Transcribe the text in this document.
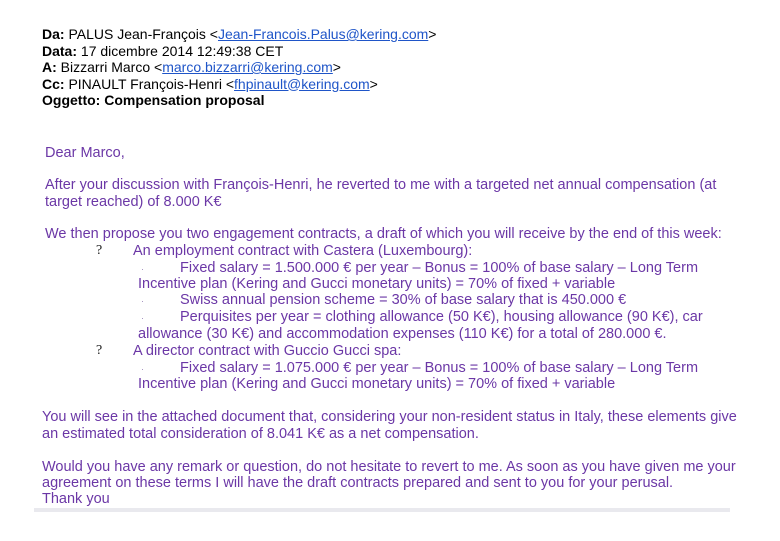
Da: PALUS Jean-François <Jean-Francois.Palus@kering.com>
Data: 17 dicembre 2014 12:49:38 CET
A: Bizzarri Marco <marco.bizzarri@kering.com>
Cc: PINAULT François-Henri <fhpinault@kering.com>
Oggetto: Compensation proposal
Dear Marco,
After your discussion with François-Henri, he reverted to me with a targeted net annual compensation (at
target reached) of 8.000 K€
We then propose you two engagement contracts, a draft of which you will receive by the end of this week:
? An employment contract with Castera (Luxembourg):
· Fixed salary = 1.500.000 € per year – Bonus = 100% of base salary – Long Term
Incentive plan (Kering and Gucci monetary units) = 70% of fixed + variable
· Swiss annual pension scheme = 30% of base salary that is 450.000 €
· Perquisites per year = clothing allowance (50 K€), housing allowance (90 K€), car
allowance (30 K€) and accommodation expenses (110 K€) for a total of 280.000 €.
? A director contract with Guccio Gucci spa:
· Fixed salary = 1.075.000 € per year – Bonus = 100% of base salary – Long Term
Incentive plan (Kering and Gucci monetary units) = 70% of fixed + variable
You will see in the attached document that, considering your non-resident status in Italy, these elements give
an estimated total consideration of 8.041 K€ as a net compensation.
Would you have any remark or question, do not hesitate to revert to me. As soon as you have given me your
agreement on these terms I will have the draft contracts prepared and sent to you for your perusal.
Thank you
